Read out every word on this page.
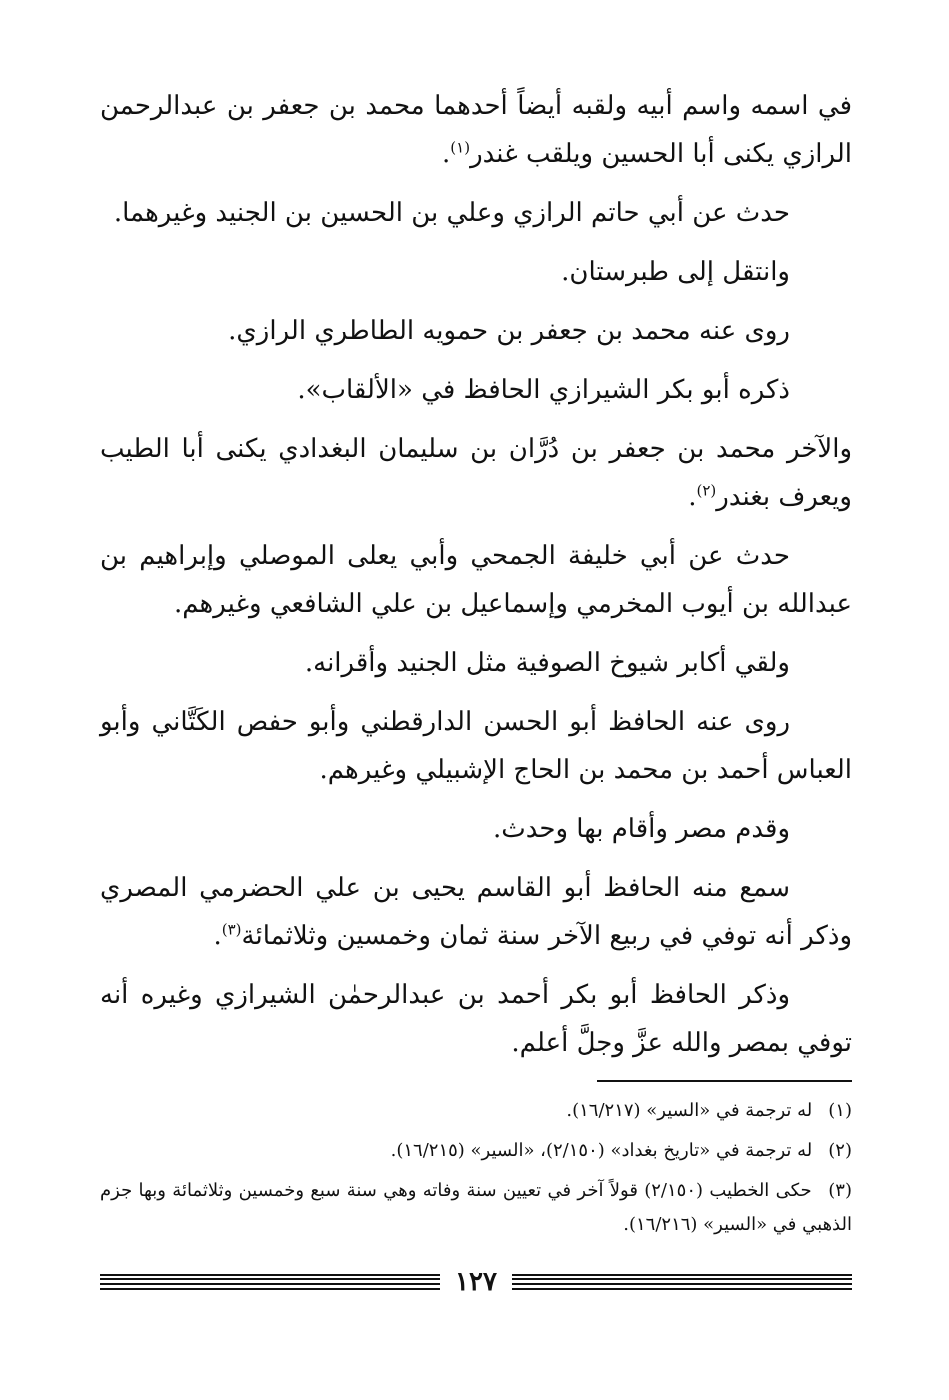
في اسمه واسم أبيه ولقبه أيضاً أحدهما محمد بن جعفر بن عبدالرحمن الرازي يكنى أبا الحسين ويلقب غندر$^{(١)}$.

حدث عن أبي حاتم الرازي وعلي بن الحسين بن الجنيد وغيرهما.

وانتقل إلى طبرستان.

روى عنه محمد بن جعفر بن حمويه الطاطري الرازي.

ذكره أبو بكر الشيرازي الحافظ في «الألقاب».

والآخر محمد بن جعفر بن دُرَّان بن سليمان البغدادي يكنى أبا الطيب ويعرف بغندر$^{(٢)}$.

حدث عن أبي خليفة الجمحي وأبي يعلى الموصلي وإبراهيم بن عبدالله بن أيوب المخرمي وإسماعيل بن علي الشافعي وغيرهم.

ولقي أكابر شيوخ الصوفية مثل الجنيد وأقرانه.

روى عنه الحافظ أبو الحسن الدارقطني وأبو حفص الكَتَّاني وأبو العباس أحمد بن محمد بن الحاج الإشبيلي وغيرهم.

وقدم مصر وأقام بها وحدث.

سمع منه الحافظ أبو القاسم يحيى بن علي الحضرمي المصري وذكر أنه توفي في ربيع الآخر سنة ثمان وخمسين وثلاثمائة$^{(٣)}$.

وذكر الحافظ أبو بكر أحمد بن عبدالرحمٰن الشيرازي وغيره أنه توفي بمصر والله عزَّ وجلَّ أعلم.

(١) له ترجمة في «السير» (١٦/٢١٧).

(٢) له ترجمة في «تاريخ بغداد» (٢/١٥٠)، «السير» (١٦/٢١٥).

(٣) حكى الخطيب (٢/١٥٠) قولاً آخر في تعيين سنة وفاته وهي سنة سبع وخمسين وثلاثمائة وبها جزم الذهبي في «السير» (١٦/٢١٦).

١٢٧
